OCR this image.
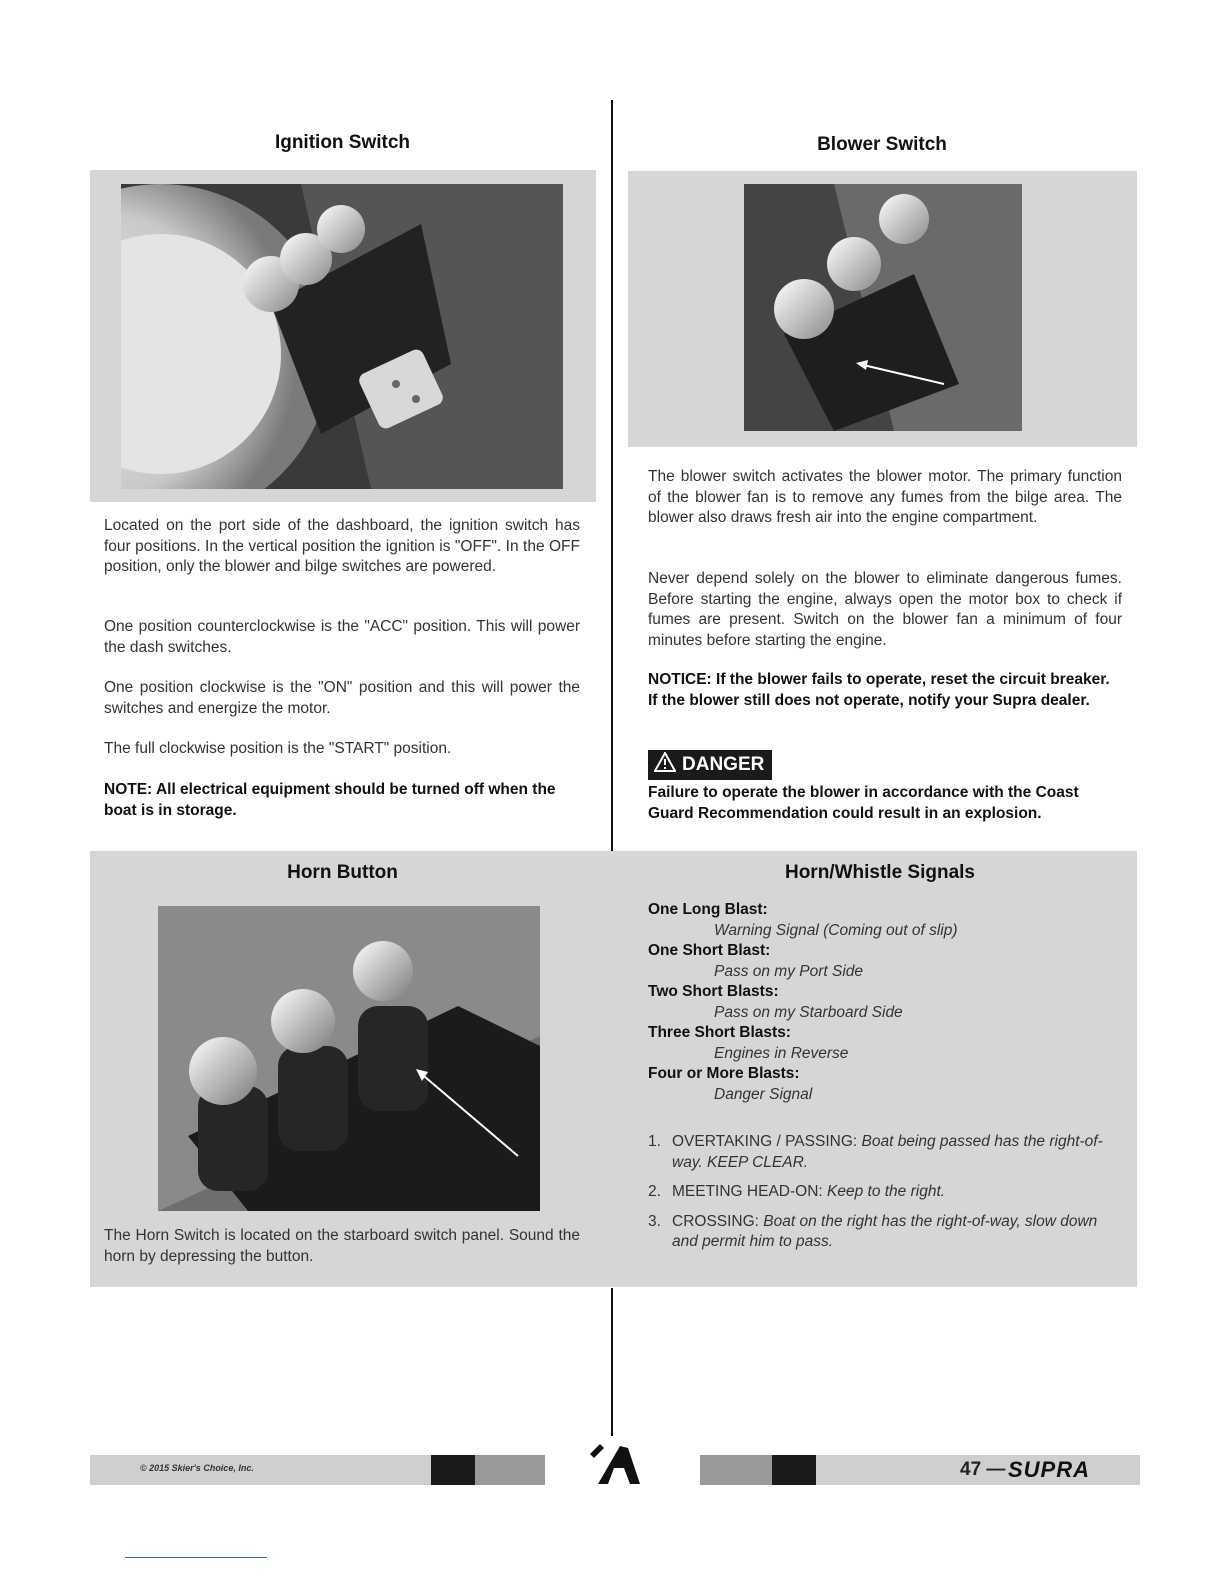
Ignition Switch
Located on the port side of the dashboard, the ignition switch has four positions. In the vertical position the ignition is "OFF". In the OFF position, only the blower and bilge switches are powered.
One position counterclockwise is the "ACC" position. This will power the dash switches.
One position clockwise is the "ON" position and this will power the switches and energize the motor.
The full clockwise position is the "START" position.
NOTE: All electrical equipment should be turned off when the boat is in storage.
Blower Switch
The blower switch activates the blower motor. The primary function of the blower fan is to remove any fumes from the bilge area. The blower also draws fresh air into the engine compartment.
Never depend solely on the blower to eliminate dangerous fumes. Before starting the engine, always open the motor box to check if fumes are present. Switch on the blower fan a minimum of four minutes before starting the engine.
NOTICE: If the blower fails to operate, reset the circuit breaker. If the blower still does not operate, notify your Supra dealer.
DANGER
Failure to operate the blower in accordance with the Coast Guard Recommendation could result in an explosion.
Horn Button
The Horn Switch is located on the starboard switch panel. Sound the horn by depressing the button.
Horn/Whistle Signals
One Long Blast:
Warning Signal (Coming out of slip)
One Short Blast:
Pass on my Port Side
Two Short Blasts:
Pass on my Starboard Side
Three Short Blasts:
Engines in Reverse
Four or More Blasts:
Danger Signal
1. OVERTAKING / PASSING: Boat being passed has the right-of-way. KEEP CLEAR.
2. MEETING HEAD-ON: Keep to the right.
3. CROSSING: Boat on the right has the right-of-way, slow down and permit him to pass.
© 2015 Skier's Choice, Inc.	47 — SUPRA
